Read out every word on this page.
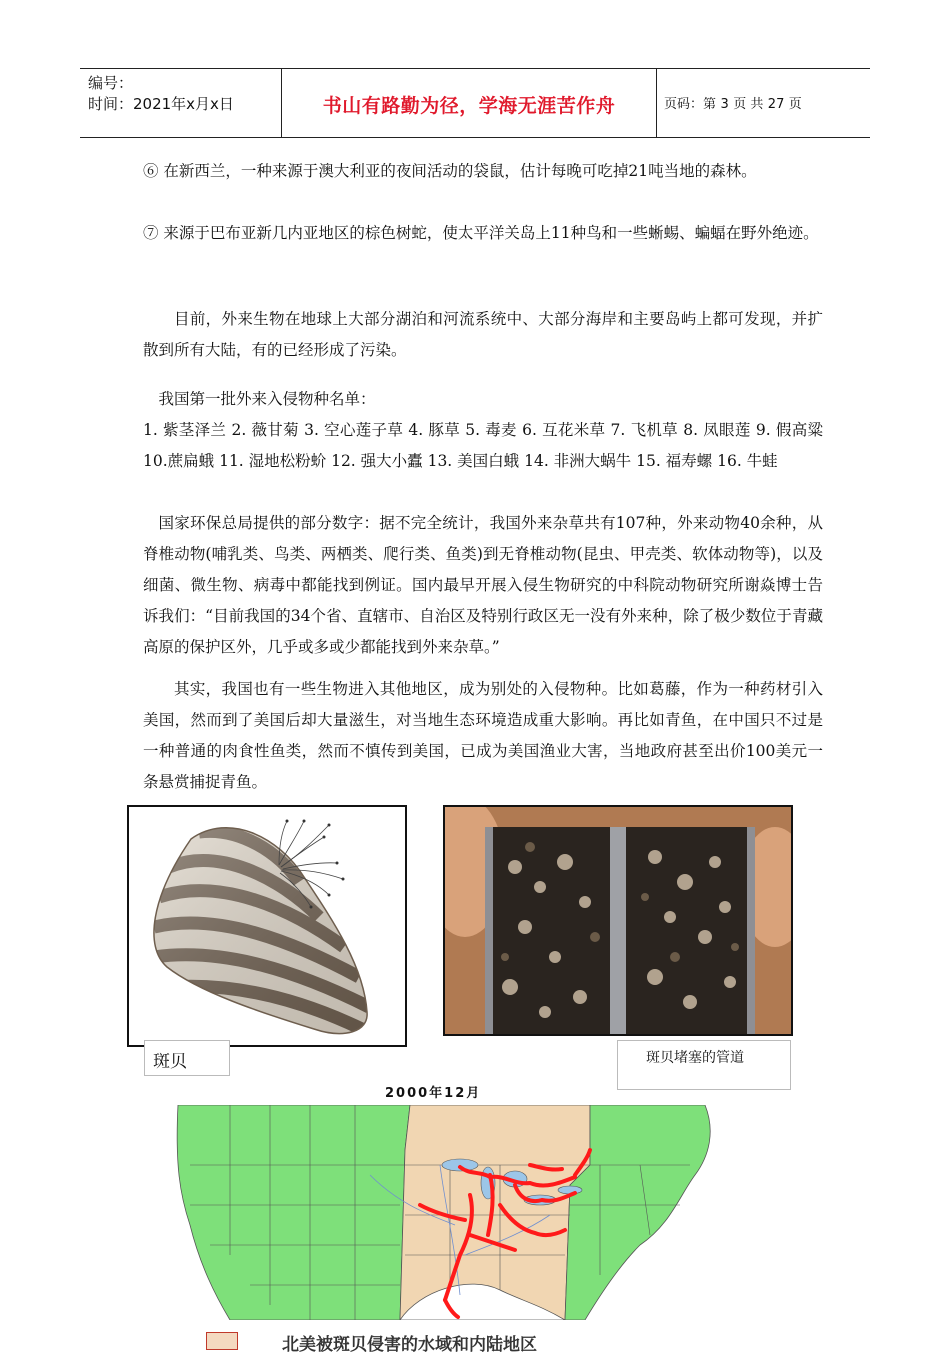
编号：
时间：2021年x月x日	书山有路勤为径，学海无涯苦作舟	页码：第 3 页 共 27 页
⑥ 在新西兰，一种来源于澳大利亚的夜间活动的袋鼠，估计每晚可吃掉21吨当地的森林。
⑦ 来源于巴布亚新几内亚地区的棕色树蛇，使太平洋关岛上11种鸟和一些蜥蜴、蝙蝠在野外绝迹。
目前，外来生物在地球上大部分湖泊和河流系统中、大部分海岸和主要岛屿上都可发现，并扩散到所有大陆，有的已经形成了污染。
我国第一批外来入侵物种名单：
1. 紫茎泽兰 2. 薇甘菊 3. 空心莲子草 4. 豚草 5. 毒麦 6. 互花米草 7. 飞机草 8. 凤眼莲 9. 假高粱 10.蔗扁蛾 11. 湿地松粉蚧 12. 强大小蠹 13. 美国白蛾 14. 非洲大蜗牛 15. 福寿螺 16. 牛蛙
国家环保总局提供的部分数字：据不完全统计，我国外来杂草共有107种，外来动物40余种，从脊椎动物(哺乳类、鸟类、两栖类、爬行类、鱼类)到无脊椎动物(昆虫、甲壳类、软体动物等)，以及细菌、微生物、病毒中都能找到例证。国内最早开展入侵生物研究的中科院动物研究所谢焱博士告诉我们：“目前我国的34个省、直辖市、自治区及特别行政区无一没有外来种，除了极少数位于青藏高原的保护区外，几乎或多或少都能找到外来杂草。”
其实，我国也有一些生物进入其他地区，成为别处的入侵物种。比如葛藤，作为一种药材引入美国，然而到了美国后却大量滋生，对当地生态环境造成重大影响。再比如青鱼，在中国只不过是一种普通的肉食性鱼类，然而不慎传到美国，已成为美国渔业大害，当地政府甚至出价100美元一条悬赏捕捉青鱼。
斑贝	斑贝堵塞的管道
2000年12月
北美被斑贝侵害的水域和内陆地区
